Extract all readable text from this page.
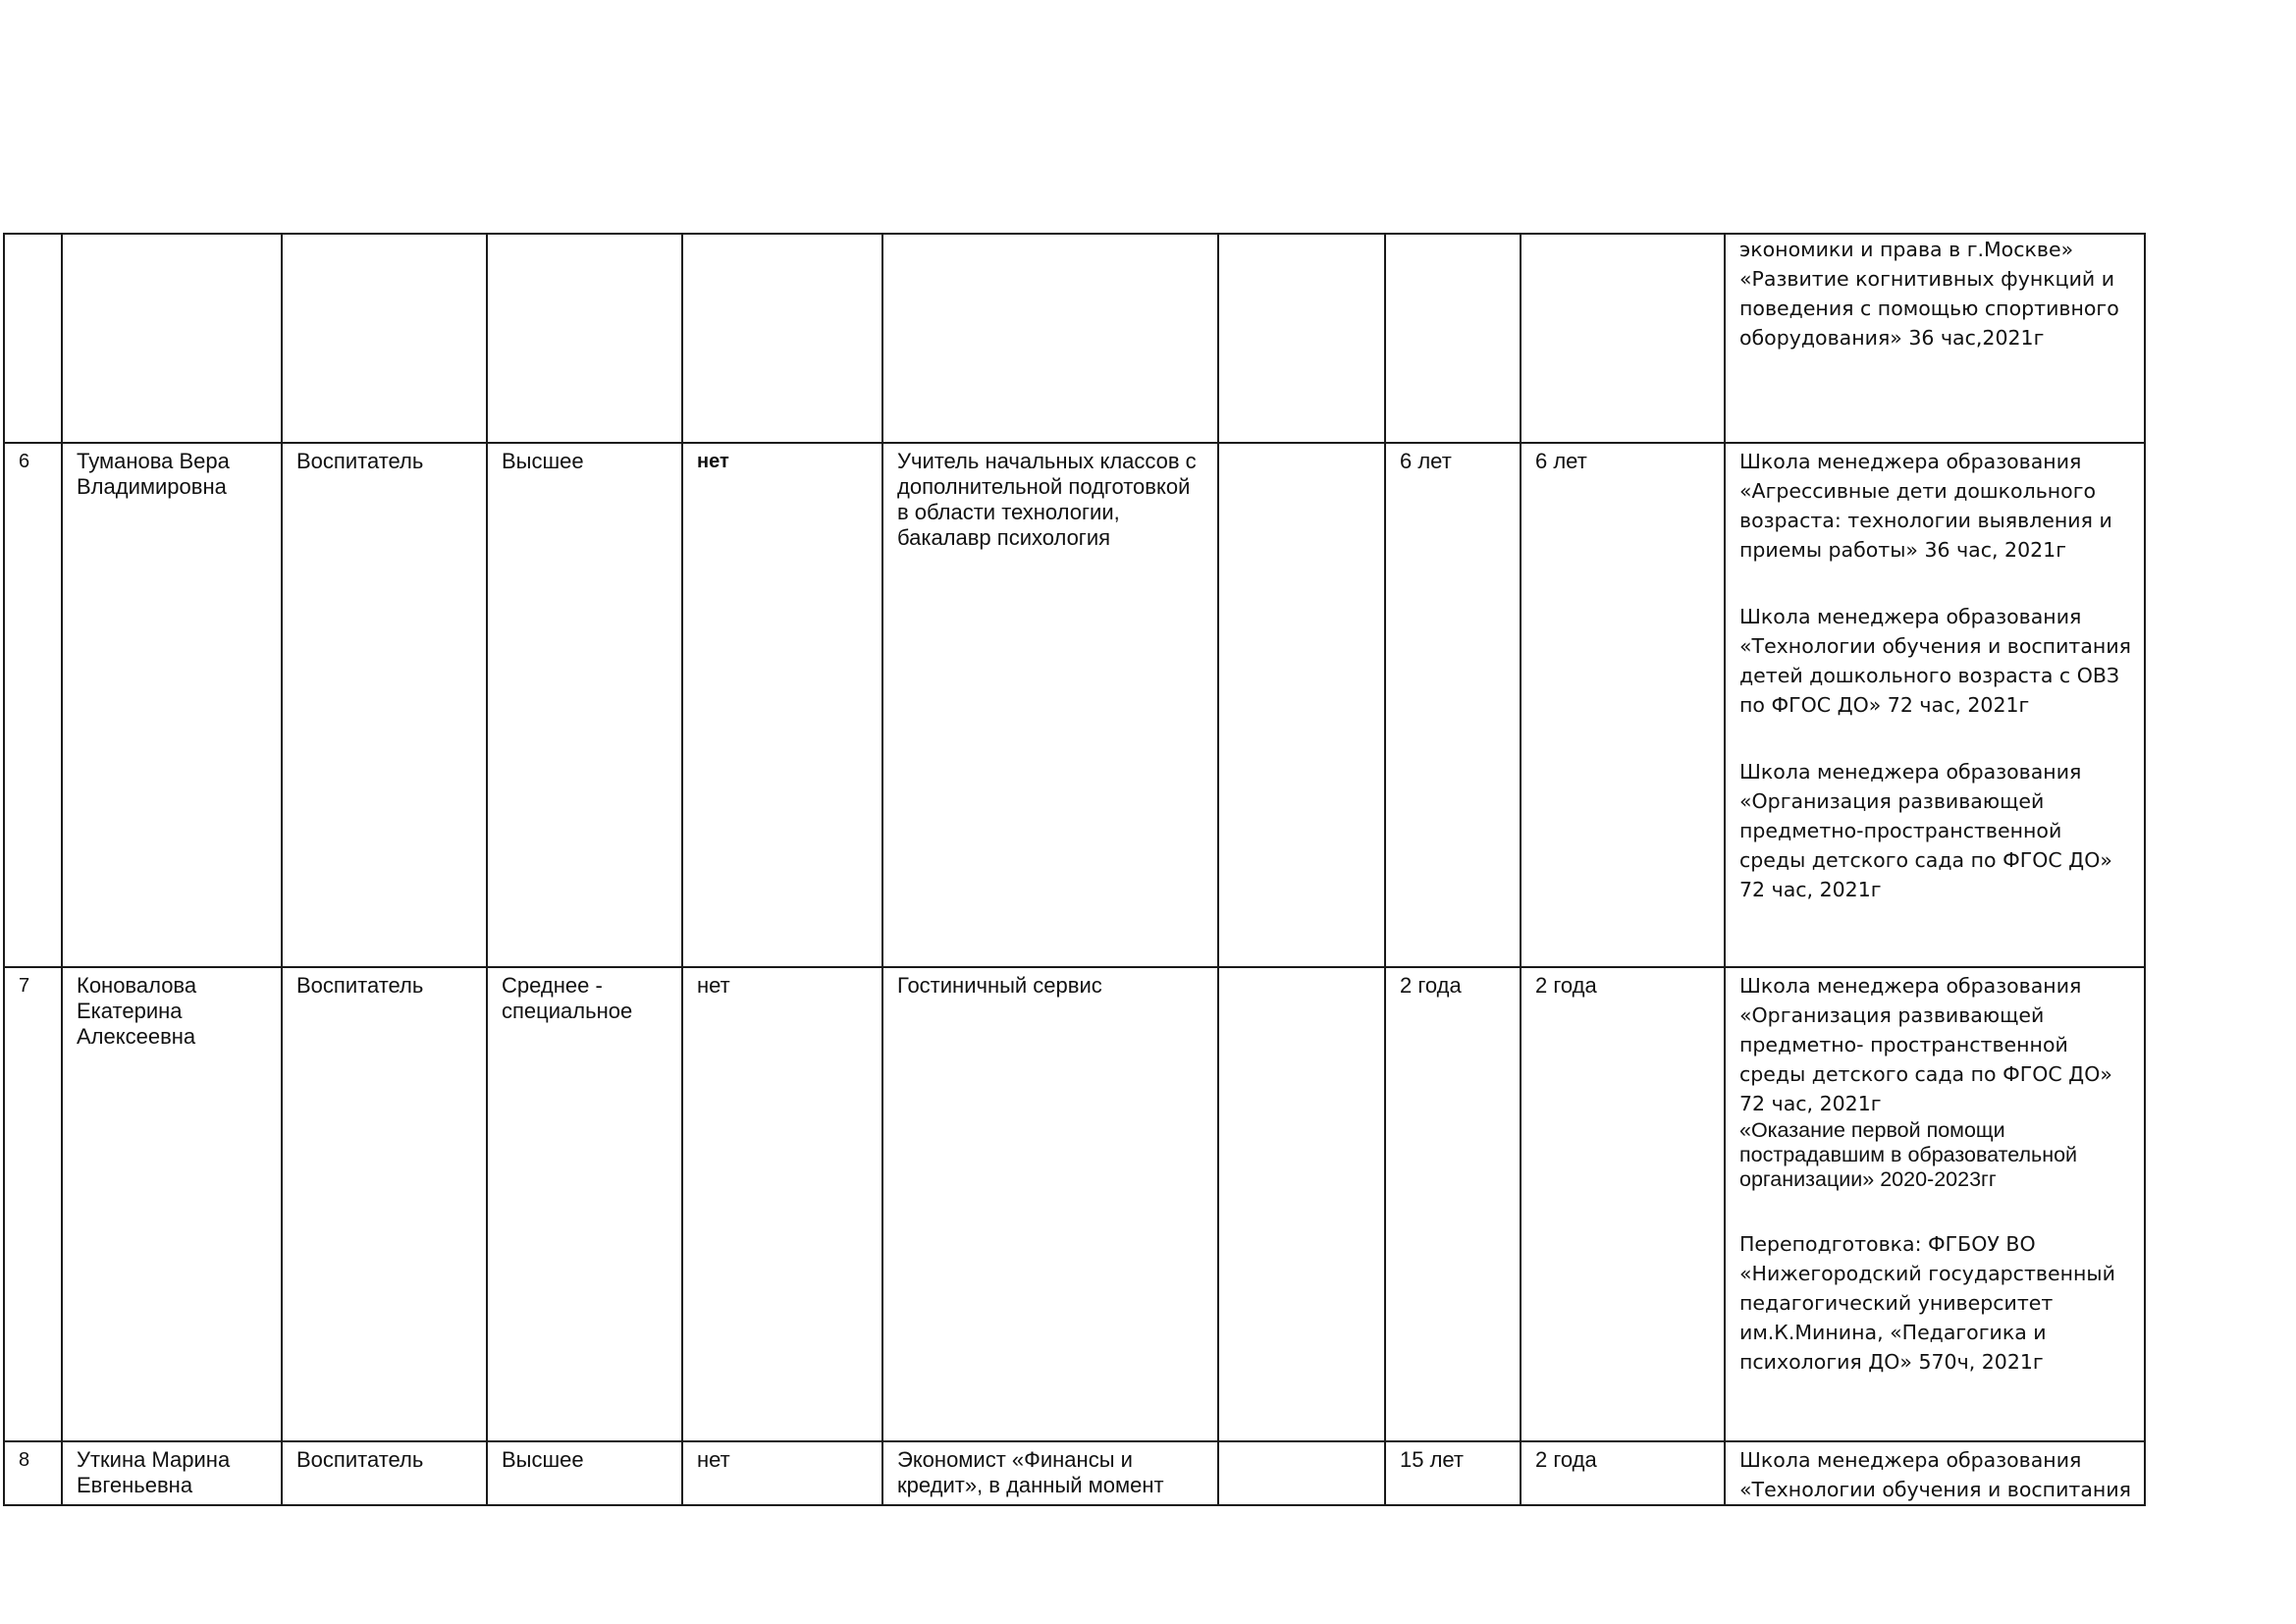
									экономики и права в г.Москве» «Развитие когнитивных функций и поведения с помощью спортивного оборудования» 36 час,2021г

6	Туманова Вера Владимировна	Воспитатель	Высшее	нет	Учитель начальных классов с дополнительной подготовкой в области технологии, бакалавр психология		6 лет	6 лет	Школа менеджера образования «Агрессивные дети дошкольного возраста: технологии выявления и приемы работы» 36 час, 2021г

Школа менеджера образования «Технологии обучения и воспитания детей дошкольного возраста с ОВЗ по ФГОС ДО» 72 час, 2021г

Школа менеджера образования «Организация развивающей предметно-пространственной среды детского сада по ФГОС ДО» 72 час, 2021г

7	Коновалова Екатерина Алексеевна	Воспитатель	Среднее - специальное	нет	Гостиничный сервис		2 года	2 года	Школа менеджера образования «Организация развивающей предметно- пространственной среды детского сада по ФГОС ДО» 72 час, 2021г

«Оказание первой помощи пострадавшим в образовательной организации» 2020-2023гг

Переподготовка: ФГБОУ ВО «Нижегородский государственный педагогический университет им.К.Минина, «Педагогика и психология ДО» 570ч, 2021г

8	Уткина Марина Евгеньевна	Воспитатель	Высшее	нет	Экономист «Финансы и кредит», в данный момент		15 лет	2 года	Школа менеджера образования «Технологии обучения и воспитания
